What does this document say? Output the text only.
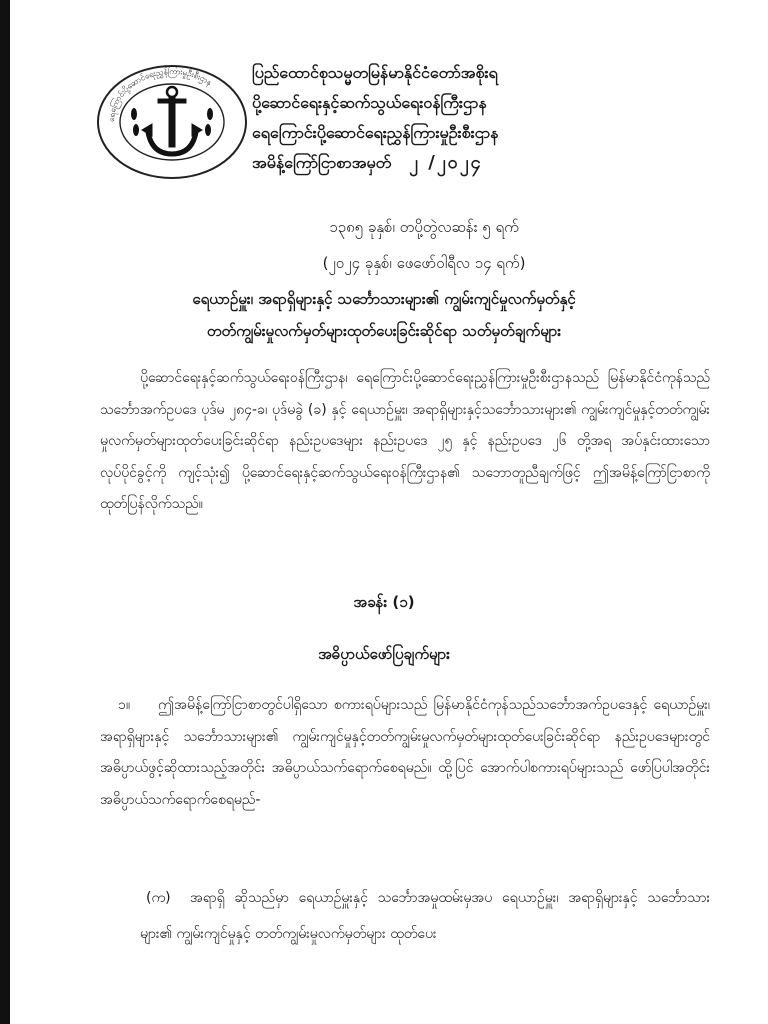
ရေကြောင်းပို့ဆောင်ရေးညွှန်ကြားမှုဦးစီးဌာန
ပြည်ထောင်စုသမ္မတမြန်မာနိုင်ငံတော်အစိုးရ
ပို့ဆောင်ရေးနှင့်ဆက်သွယ်ရေးဝန်ကြီးဌာန
ရေကြောင်းပို့ဆောင်ရေးညွှန်ကြားမှုဦးစီးဌာန
အမိန့်ကြော်ငြာစာအမှတ် ၂ /၂၀၂၄
၁၃၈၅ ခုနှစ်၊ တပို့တွဲလဆန်း ၅ ရက်
(၂၀၂၄ ခုနှစ်၊ ဖေဖော်ဝါရီလ ၁၄ ရက်)
ရေယာဉ်မှူး၊ အရာရှိများနှင့် သင်္ဘောသားများ၏ ကျွမ်းကျင်မှုလက်မှတ်နှင့်
တတ်ကျွမ်းမှုလက်မှတ်များထုတ်ပေးခြင်းဆိုင်ရာ သတ်မှတ်ချက်များ
ပို့ဆောင်ရေးနှင့်ဆက်သွယ်ရေးဝန်ကြီးဌာန၊ ရေကြောင်းပို့ဆောင်ရေးညွှန်ကြားမှုဦးစီးဌာနသည် မြန်မာနိုင်ငံကုန်သည်သင်္ဘောအက်ဥပဒေ ပုဒ်မ ၂၈၄-ခ၊ ပုဒ်မခွဲ (ခ) နှင့် ရေယာဉ်မှူး၊ အရာရှိများနှင့်သင်္ဘောသားများ၏ ကျွမ်းကျင်မှုနှင့်တတ်ကျွမ်းမှုလက်မှတ်များထုတ်ပေးခြင်းဆိုင်ရာ နည်းဥပဒေများ နည်းဥပဒေ ၂၅ နှင့် နည်းဥပဒေ ၂၆ တို့အရ အပ်နှင်းထားသော လုပ်ပိုင်ခွင့်ကို ကျင့်သုံး၍ ပို့ဆောင်ရေးနှင့်ဆက်သွယ်ရေးဝန်ကြီးဌာန၏ သဘောတူညီချက်ဖြင့် ဤအမိန့်ကြော်ငြာစာကို ထုတ်ပြန်လိုက်သည်။
အခန်း (၁)
အဓိပ္ပာယ်ဖော်ပြချက်များ
၁။ ဤအမိန့်ကြော်ငြာစာတွင်ပါရှိသော စကားရပ်များသည် မြန်မာနိုင်ငံကုန်သည်သင်္ဘောအက်ဥပဒေနှင့် ရေယာဉ်မှူး၊ အရာရှိများနှင့် သင်္ဘောသားများ၏ ကျွမ်းကျင်မှုနှင့်တတ်ကျွမ်းမှုလက်မှတ်များထုတ်ပေးခြင်းဆိုင်ရာ နည်းဥပဒေများတွင် အဓိပ္ပာယ်ဖွင့်ဆိုထားသည့်အတိုင်း အဓိပ္ပာယ်သက်ရောက်စေရမည်။ ထို့ပြင် အောက်ပါစကားရပ်များသည် ဖော်ပြပါအတိုင်း အဓိပ္ပာယ်သက်ရောက်စေရမည်-
(က) အရာရှိ ဆိုသည်မှာ ရေယာဉ်မှူးနှင့် သင်္ဘောအမှုထမ်းမှအပ ရေယာဉ်မှူး၊ အရာရှိများနှင့် သင်္ဘောသားများ၏ ကျွမ်းကျင်မှုနှင့် တတ်ကျွမ်းမှုလက်မှတ်များ ထုတ်ပေး
